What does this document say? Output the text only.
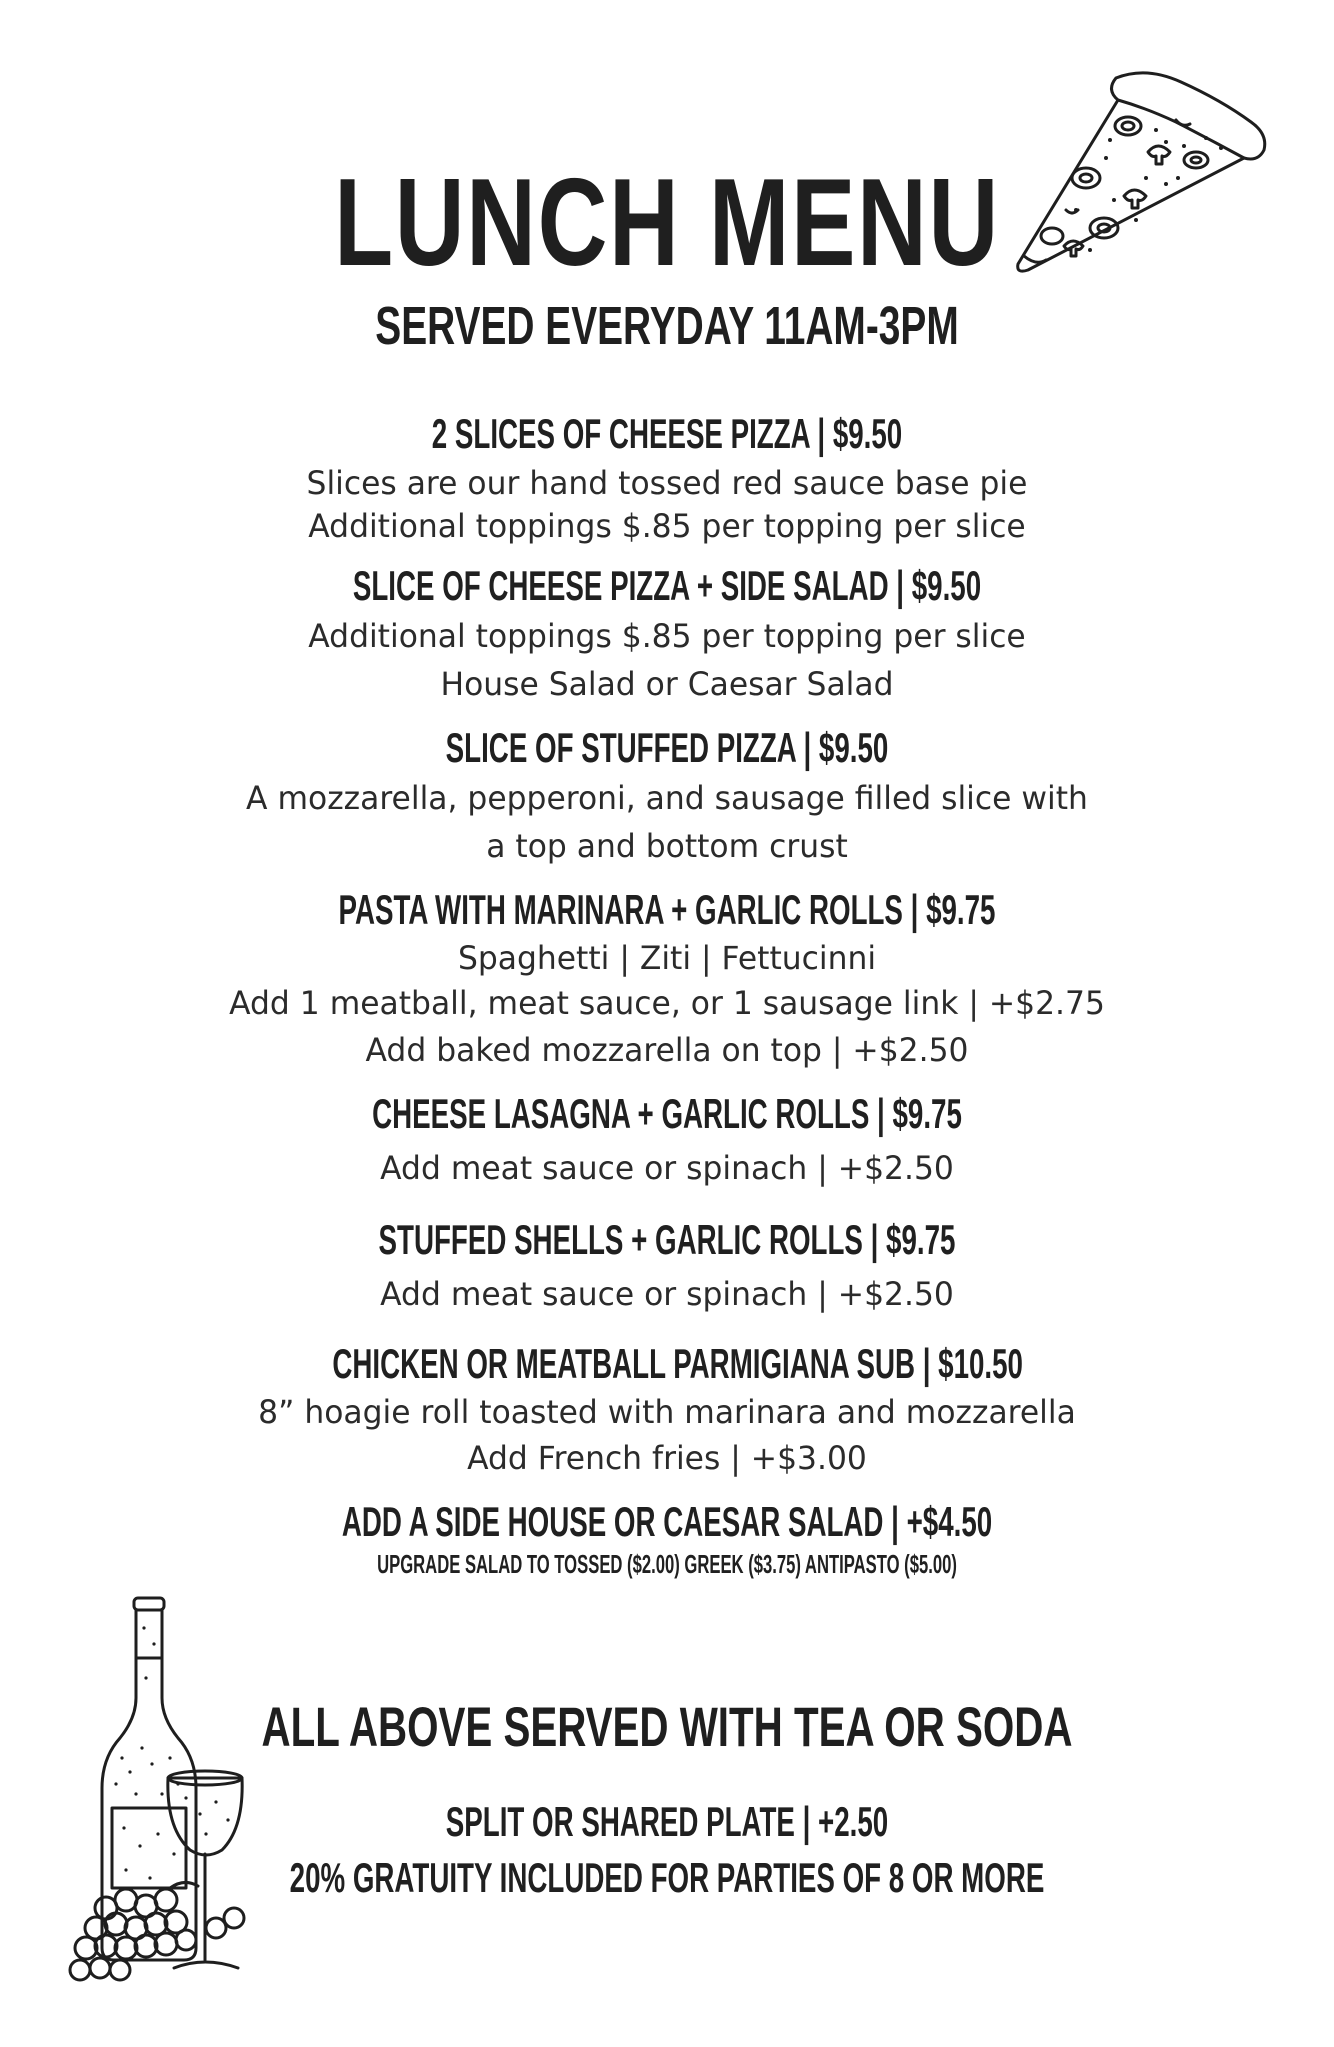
LUNCH MENU
SERVED EVERYDAY 11AM-3PM
2 SLICES OF CHEESE PIZZA | $9.50
Slices are our hand tossed red sauce base pie
Additional toppings $.85 per topping per slice
SLICE OF CHEESE PIZZA + SIDE SALAD | $9.50
Additional toppings $.85 per topping per slice
House Salad or Caesar Salad
SLICE OF STUFFED PIZZA | $9.50
A mozzarella, pepperoni, and sausage filled slice with
a top and bottom crust
PASTA WITH MARINARA + GARLIC ROLLS | $9.75
Spaghetti | Ziti | Fettucinni
Add 1 meatball, meat sauce, or 1 sausage link | +$2.75
Add baked mozzarella on top | +$2.50
CHEESE LASAGNA + GARLIC ROLLS | $9.75
Add meat sauce or spinach | +$2.50
STUFFED SHELLS + GARLIC ROLLS | $9.75
Add meat sauce or spinach | +$2.50
CHICKEN OR MEATBALL PARMIGIANA SUB | $10.50
8” hoagie roll toasted with marinara and mozzarella
Add French fries | +$3.00
ADD A SIDE HOUSE OR CAESAR SALAD | +$4.50
UPGRADE SALAD TO TOSSED ($2.00) GREEK ($3.75) ANTIPASTO ($5.00)
ALL ABOVE SERVED WITH TEA OR SODA
SPLIT OR SHARED PLATE | +2.50
20% GRATUITY INCLUDED FOR PARTIES OF 8 OR MORE
